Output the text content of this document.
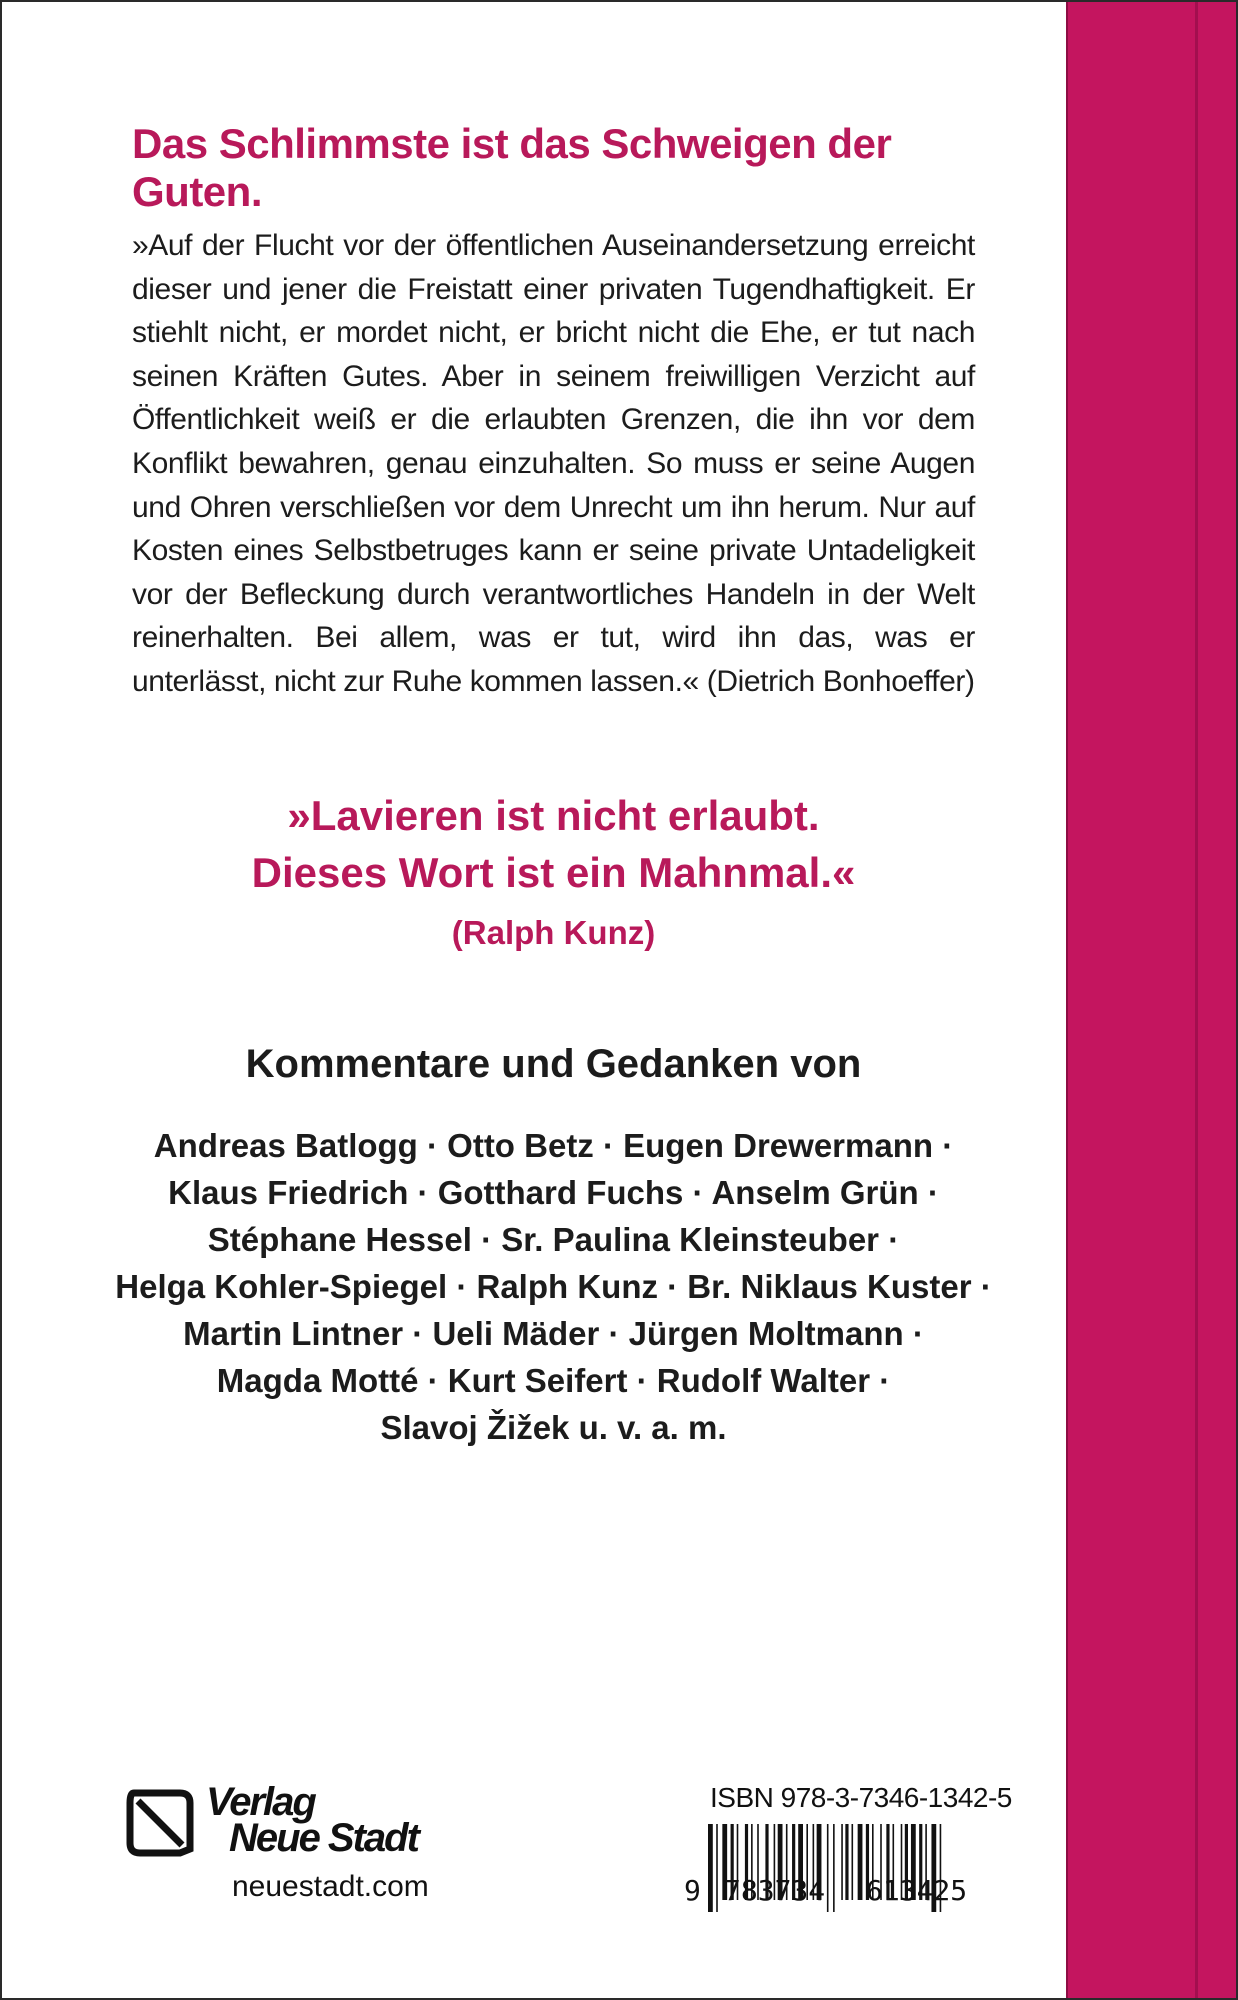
Das Schlimmste ist das Schweigen der Guten.
»Auf der Flucht vor der öffentlichen Auseinandersetzung erreicht dieser und jener die Freistatt einer privaten Tugendhaftigkeit. Er stiehlt nicht, er mordet nicht, er bricht nicht die Ehe, er tut nach seinen Kräften Gutes. Aber in seinem freiwilligen Verzicht auf Öffentlichkeit weiß er die erlaubten Grenzen, die ihn vor dem Konflikt bewahren, genau einzuhalten. So muss er seine Augen und Ohren verschließen vor dem Unrecht um ihn herum. Nur auf Kosten eines Selbstbetruges kann er seine private Untadeligkeit vor der Befleckung durch verantwortliches Handeln in der Welt reinerhalten. Bei allem, was er tut, wird ihn das, was er unterlässt, nicht zur Ruhe kommen lassen.« (Dietrich Bonhoeffer)
»Lavieren ist nicht erlaubt.
Dieses Wort ist ein Mahnmal.«
(Ralph Kunz)
Kommentare und Gedanken von
Andreas Batlogg · Otto Betz · Eugen Drewermann ·
Klaus Friedrich · Gotthard Fuchs · Anselm Grün ·
Stéphane Hessel · Sr. Paulina Kleinsteuber ·
Helga Kohler-Spiegel · Ralph Kunz · Br. Niklaus Kuster ·
Martin Lintner · Ueli Mäder · Jürgen Moltmann ·
Magda Motté · Kurt Seifert · Rudolf Walter ·
Slavoj Žižek u. v. a. m.
Verlag
Neue Stadt
neuestadt.com
ISBN 978-3-7346-1342-5
9 783734 613425
